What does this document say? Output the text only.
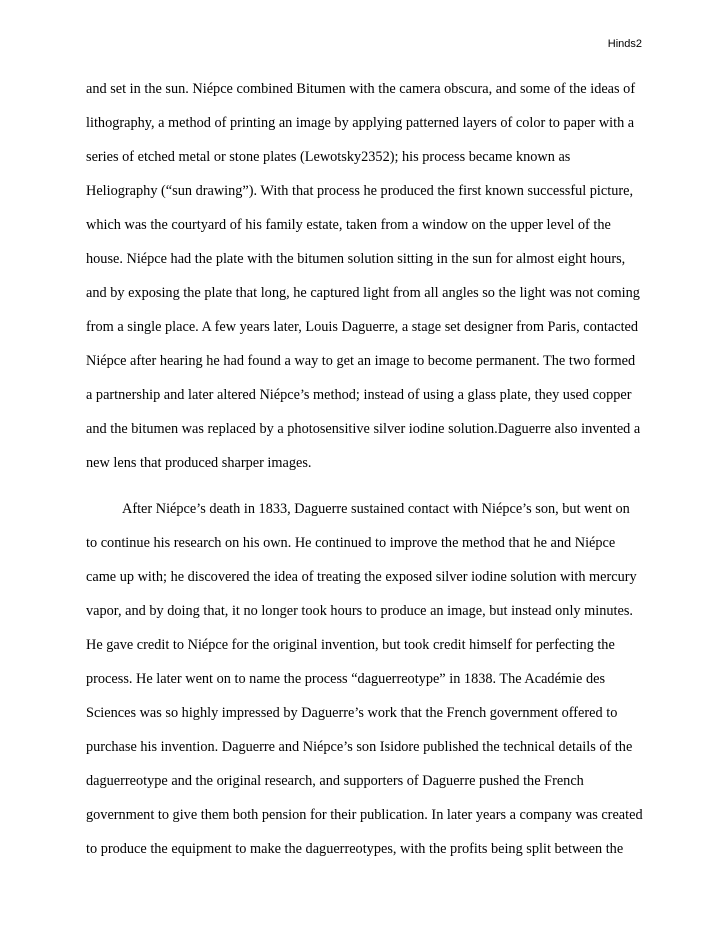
Hinds2
and set in the sun. Niépce combined Bitumen with the camera obscura, and some of the ideas of
lithography, a method of printing an image by applying patterned layers of color to paper with a
series of etched metal or stone plates (Lewotsky2352); his process became known as
Heliography (“sun drawing”). With that process he produced the first known successful picture,
which was the courtyard of his family estate, taken from a window on the upper level of the
house. Niépce had the plate with the bitumen solution sitting in the sun for almost eight hours,
and by exposing the plate that long, he captured light from all angles so the light was not coming
from a single place. A few years later, Louis Daguerre, a stage set designer from Paris, contacted
Niépce after hearing he had found a way to get an image to become permanent. The two formed
a partnership and later altered Niépce’s method; instead of using a glass plate, they used copper
and the bitumen was replaced by a photosensitive silver iodine solution.Daguerre also invented a
new lens that produced sharper images.
After Niépce’s death in 1833, Daguerre sustained contact with Niépce’s son, but went on
to continue his research on his own. He continued to improve the method that he and Niépce
came up with; he discovered the idea of treating the exposed silver iodine solution with mercury
vapor, and by doing that, it no longer took hours to produce an image, but instead only minutes.
He gave credit to Niépce for the original invention, but took credit himself for perfecting the
process. He later went on to name the process “daguerreotype” in 1838. The Académie des
Sciences was so highly impressed by Daguerre’s work that the French government offered to
purchase his invention. Daguerre and Niépce’s son Isidore published the technical details of the
daguerreotype and the original research, and supporters of Daguerre pushed the French
government to give them both pension for their publication. In later years a company was created
to produce the equipment to make the daguerreotypes, with the profits being split between the
